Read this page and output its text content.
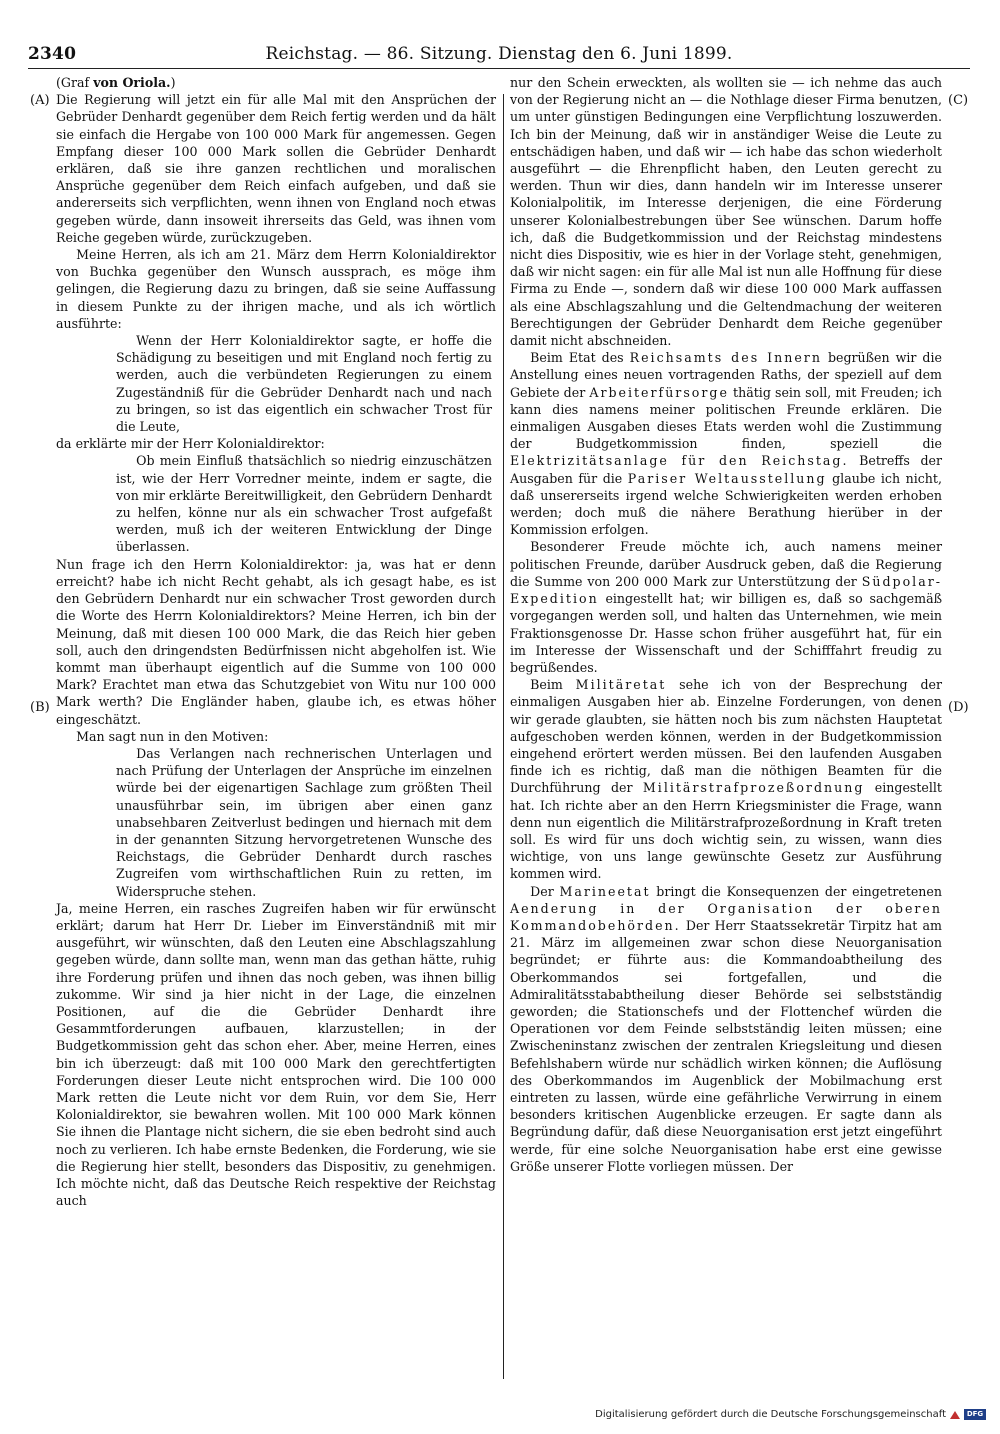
2340	Reichstag. — 86. Sitzung. Dienstag den 6. Juni 1899.
(A)
(B)
(C)
(D)

(Graf von Oriola.)

Die Regierung will jetzt ein für alle Mal mit den Ansprüchen der Gebrüder Denhardt gegenüber dem Reich fertig werden und da hält sie einfach die Hergabe von 100 000 Mark für angemessen. Gegen Empfang dieser 100 000 Mark sollen die Gebrüder Denhardt erklären, daß sie ihre ganzen rechtlichen und moralischen Ansprüche gegenüber dem Reich einfach aufgeben, und daß sie andererseits sich verpflichten, wenn ihnen von England noch etwas gegeben würde, dann insoweit ihrerseits das Geld, was ihnen vom Reiche gegeben würde, zurückzugeben.

Meine Herren, als ich am 21. März dem Herrn Kolonialdirektor von Buchka gegenüber den Wunsch aussprach, es möge ihm gelingen, die Regierung dazu zu bringen, daß sie seine Auffassung in diesem Punkte zu der ihrigen mache, und als ich wörtlich ausführte:

Wenn der Herr Kolonialdirektor sagte, er hoffe die Schädigung zu beseitigen und mit England noch fertig zu werden, auch die verbündeten Regierungen zu einem Zugeständniß für die Gebrüder Denhardt nach und nach zu bringen, so ist das eigentlich ein schwacher Trost für die Leute,

da erklärte mir der Herr Kolonialdirektor:

Ob mein Einfluß thatsächlich so niedrig einzuschätzen ist, wie der Herr Vorredner meinte, indem er sagte, die von mir erklärte Bereitwilligkeit, den Gebrüdern Denhardt zu helfen, könne nur als ein schwacher Trost aufgefaßt werden, muß ich der weiteren Entwicklung der Dinge überlassen.

Nun frage ich den Herrn Kolonialdirektor: ja, was hat er denn erreicht? habe ich nicht Recht gehabt, als ich gesagt habe, es ist den Gebrüdern Denhardt nur ein schwacher Trost geworden durch die Worte des Herrn Kolonialdirektors? Meine Herren, ich bin der Meinung, daß mit diesen 100 000 Mark, die das Reich hier geben soll, auch den dringendsten Bedürfnissen nicht abgeholfen ist. Wie kommt man überhaupt eigentlich auf die Summe von 100 000 Mark? Erachtet man etwa das Schutzgebiet von Witu nur 100 000 Mark werth? Die Engländer haben, glaube ich, es etwas höher eingeschätzt.

Man sagt nun in den Motiven:

Das Verlangen nach rechnerischen Unterlagen und nach Prüfung der Unterlagen der Ansprüche im einzelnen würde bei der eigenartigen Sachlage zum größten Theil unausführbar sein, im übrigen aber einen ganz unabsehbaren Zeitverlust bedingen und hiernach mit dem in der genannten Sitzung hervorgetretenen Wunsche des Reichstags, die Gebrüder Denhardt durch rasches Zugreifen vom wirthschaftlichen Ruin zu retten, im Widerspruche stehen.

Ja, meine Herren, ein rasches Zugreifen haben wir für erwünscht erklärt; darum hat Herr Dr. Lieber im Einverständniß mit mir ausgeführt, wir wünschten, daß den Leuten eine Abschlagszahlung gegeben würde, dann sollte man, wenn man das gethan hätte, ruhig ihre Forderung prüfen und ihnen das noch geben, was ihnen billig zukomme. Wir sind ja hier nicht in der Lage, die einzelnen Positionen, auf die die Gebrüder Denhardt ihre Gesammtforderungen aufbauen, klarzustellen; in der Budgetkommission geht das schon eher. Aber, meine Herren, eines bin ich überzeugt: daß mit 100 000 Mark den gerechtfertigten Forderungen dieser Leute nicht entsprochen wird. Die 100 000 Mark retten die Leute nicht vor dem Ruin, vor dem Sie, Herr Kolonialdirektor, sie bewahren wollen. Mit 100 000 Mark können Sie ihnen die Plantage nicht sichern, die sie eben bedroht sind auch noch zu verlieren. Ich habe ernste Bedenken, die Forderung, wie sie die Regierung hier stellt, besonders das Dispositiv, zu genehmigen. Ich möchte nicht, daß das Deutsche Reich respektive der Reichstag auch

nur den Schein erweckten, als wollten sie — ich nehme das auch von der Regierung nicht an — die Nothlage dieser Firma benutzen, um unter günstigen Bedingungen eine Verpflichtung loszuwerden. Ich bin der Meinung, daß wir in anständiger Weise die Leute zu entschädigen haben, und daß wir — ich habe das schon wiederholt ausgeführt — die Ehrenpflicht haben, den Leuten gerecht zu werden. Thun wir dies, dann handeln wir im Interesse unserer Kolonialpolitik, im Interesse derjenigen, die eine Förderung unserer Kolonialbestrebungen über See wünschen. Darum hoffe ich, daß die Budgetkommission und der Reichstag mindestens nicht dies Dispositiv, wie es hier in der Vorlage steht, genehmigen, daß wir nicht sagen: ein für alle Mal ist nun alle Hoffnung für diese Firma zu Ende —, sondern daß wir diese 100 000 Mark auffassen als eine Abschlagszahlung und die Geltendmachung der weiteren Berechtigungen der Gebrüder Denhardt dem Reiche gegenüber damit nicht abschneiden.

Beim Etat des Reichsamts des Innern begrüßen wir die Anstellung eines neuen vortragenden Raths, der speziell auf dem Gebiete der Arbeiterfürsorge thätig sein soll, mit Freuden; ich kann dies namens meiner politischen Freunde erklären. Die einmaligen Ausgaben dieses Etats werden wohl die Zustimmung der Budgetkommission finden, speziell die Elektrizitätsanlage für den Reichstag. Betreffs der Ausgaben für die Pariser Weltausstellung glaube ich nicht, daß unsererseits irgend welche Schwierigkeiten werden erhoben werden; doch muß die nähere Berathung hierüber in der Kommission erfolgen.

Besonderer Freude möchte ich, auch namens meiner politischen Freunde, darüber Ausdruck geben, daß die Regierung die Summe von 200 000 Mark zur Unterstützung der Südpolar-Expedition eingestellt hat; wir billigen es, daß so sachgemäß vorgegangen werden soll, und halten das Unternehmen, wie mein Fraktionsgenosse Dr. Hasse schon früher ausgeführt hat, für ein im Interesse der Wissenschaft und der Schifffahrt freudig zu begrüßendes.

Beim Militäretat sehe ich von der Besprechung der einmaligen Ausgaben hier ab. Einzelne Forderungen, von denen wir gerade glaubten, sie hätten noch bis zum nächsten Hauptetat aufgeschoben werden können, werden in der Budgetkommission eingehend erörtert werden müssen. Bei den laufenden Ausgaben finde ich es richtig, daß man die nöthigen Beamten für die Durchführung der Militärstrafprozeßordnung eingestellt hat. Ich richte aber an den Herrn Kriegsminister die Frage, wann denn nun eigentlich die Militärstrafprozeßordnung in Kraft treten soll. Es wird für uns doch wichtig sein, zu wissen, wann dies wichtige, von uns lange gewünschte Gesetz zur Ausführung kommen wird.

Der Marineetat bringt die Konsequenzen der eingetretenen Aenderung in der Organisation der oberen Kommandobehörden. Der Herr Staatssekretär Tirpitz hat am 21. März im allgemeinen zwar schon diese Neuorganisation begründet; er führte aus: die Kommandoabtheilung des Oberkommandos sei fortgefallen, und die Admiralitätsstababtheilung dieser Behörde sei selbstständig geworden; die Stationschefs und der Flottenchef würden die Operationen vor dem Feinde selbstständig leiten müssen; eine Zwischeninstanz zwischen der zentralen Kriegsleitung und diesen Befehlshabern würde nur schädlich wirken können; die Auflösung des Oberkommandos im Augenblick der Mobilmachung erst eintreten zu lassen, würde eine gefährliche Verwirrung in einem besonders kritischen Augenblicke erzeugen. Er sagte dann als Begründung dafür, daß diese Neuorganisation erst jetzt eingeführt werde, für eine solche Neuorganisation habe erst eine gewisse Größe unserer Flotte vorliegen müssen. Der

Digitalisierung gefördert durch die Deutsche Forschungsgemeinschaft	DFG
